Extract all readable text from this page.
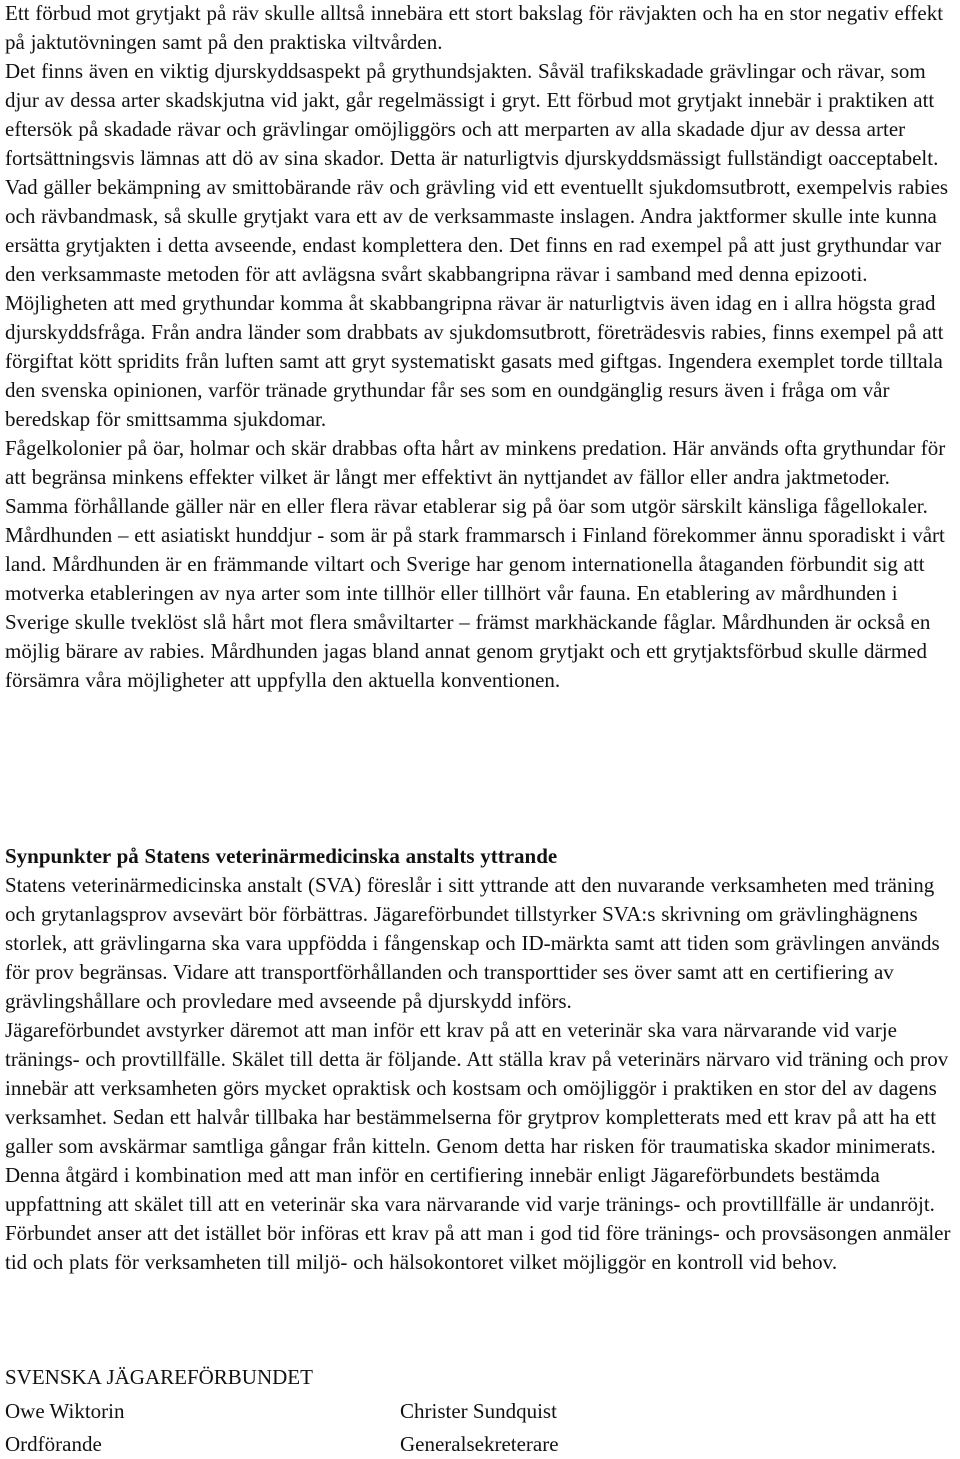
Ett förbud mot grytjakt på räv skulle alltså innebära ett stort bakslag för rävjakten och ha en stor negativ effekt på jaktutövningen samt på den praktiska viltvården.

Det finns även en viktig djurskyddsaspekt på grythundsjakten. Såväl trafikskadade grävlingar och rävar, som djur av dessa arter skadskjutna vid jakt, går regelmässigt i gryt. Ett förbud mot grytjakt innebär i praktiken att eftersök på skadade rävar och grävlingar omöjliggörs och att merparten av alla skadade djur av dessa arter fortsättningsvis lämnas att dö av sina skador. Detta är naturligtvis djurskyddsmässigt fullständigt oacceptabelt.

Vad gäller bekämpning av smittobärande räv och grävling vid ett eventuellt sjukdomsutbrott, exempelvis rabies och rävbandmask, så skulle grytjakt vara ett av de verksammaste inslagen. Andra jaktformer skulle inte kunna ersätta grytjakten i detta avseende, endast komplettera den. Det finns en rad exempel på att just grythundar var den verksammaste metoden för att avlägsna svårt skabbangripna rävar i samband med denna epizooti. Möjligheten att med grythundar komma åt skabbangripna rävar är naturligtvis även idag en i allra högsta grad djurskyddsfråga. Från andra länder som drabbats av sjukdomsutbrott, företrädesvis rabies, finns exempel på att förgiftat kött spridits från luften samt att gryt systematiskt gasats med giftgas. Ingendera exemplet torde tilltala den svenska opinionen, varför tränade grythundar får ses som en oundgänglig resurs även i fråga om vår beredskap för smittsamma sjukdomar.

Fågelkolonier på öar, holmar och skär drabbas ofta hårt av minkens predation. Här används ofta grythundar för att begränsa minkens effekter vilket är långt mer effektivt än nyttjandet av fällor eller andra jaktmetoder. Samma förhållande gäller när en eller flera rävar etablerar sig på öar som utgör särskilt känsliga fågellokaler.

Mårdhunden – ett asiatiskt hunddjur - som är på stark frammarsch i Finland förekommer ännu sporadiskt i vårt land. Mårdhunden är en främmande viltart och Sverige har genom internationella åtaganden förbundit sig att motverka etableringen av nya arter som inte tillhör eller tillhört vår fauna. En etablering av mårdhunden i Sverige skulle tveklöst slå hårt mot flera småviltarter – främst markhäckande fåglar. Mårdhunden är också en möjlig bärare av rabies. Mårdhunden jagas bland annat genom grytjakt och ett grytjaktsförbud skulle därmed försämra våra möjligheter att uppfylla den aktuella konventionen.

Synpunkter på Statens veterinärmedicinska anstalts yttrande

Statens veterinärmedicinska anstalt (SVA) föreslår i sitt yttrande att den nuvarande verksamheten med träning och grytanlagsprov avsevärt bör förbättras. Jägareförbundet tillstyrker SVA:s skrivning om grävlinghägnens storlek, att grävlingarna ska vara uppfödda i fångenskap och ID-märkta samt att tiden som grävlingen används för prov begränsas. Vidare att transportförhållanden och transporttider ses över samt att en certifiering av grävlingshållare och provledare med avseende på djurskydd införs.

Jägareförbundet avstyrker däremot att man inför ett krav på att en veterinär ska vara närvarande vid varje tränings- och provtillfälle. Skälet till detta är följande. Att ställa krav på veterinärs närvaro vid träning och prov innebär att verksamheten görs mycket opraktisk och kostsam och omöjliggör i praktiken en stor del av dagens verksamhet. Sedan ett halvår tillbaka har bestämmelserna för grytprov kompletterats med ett krav på att ha ett galler som avskärmar samtliga gångar från kitteln. Genom detta har risken för traumatiska skador minimerats. Denna åtgärd i kombination med att man inför en certifiering innebär enligt Jägareförbundets bestämda uppfattning att skälet till att en veterinär ska vara närvarande vid varje tränings- och provtillfälle är undanröjt. Förbundet anser att det istället bör införas ett krav på att man i god tid före tränings- och provsäsongen anmäler tid och plats för verksamheten till miljö- och hälsokontoret vilket möjliggör en kontroll vid behov.

SVENSKA JÄGAREFÖRBUNDET

Owe Wiktorin	Christer Sundquist
Ordförande	Generalsekreterare
